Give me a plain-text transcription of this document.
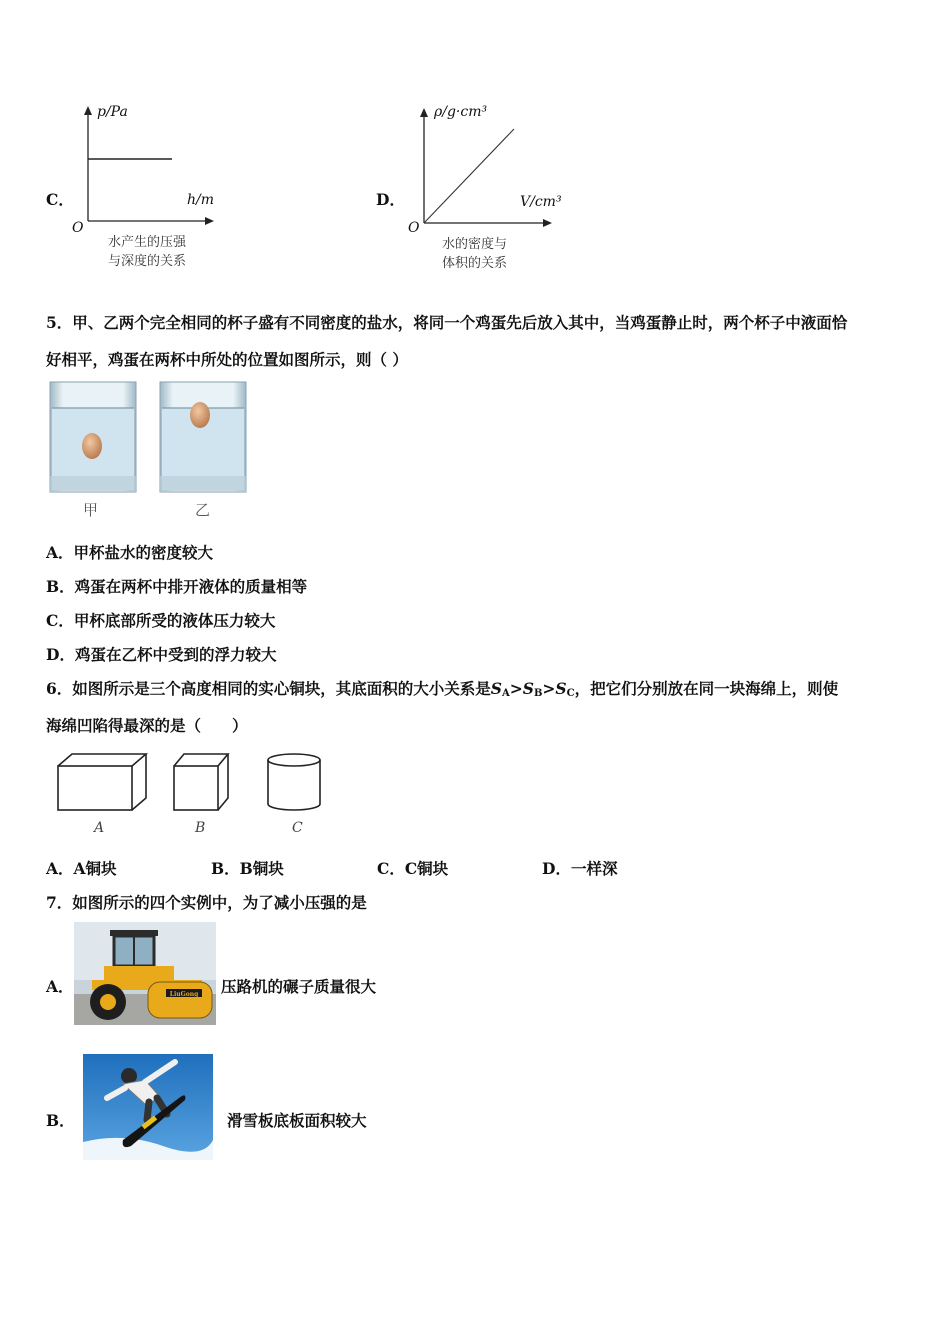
C．
p/Pa
h/m
O
水产生的压强
与深度的关系
D．
ρ/g·cm³
V/cm³
O
水的密度与
体积的关系
5．甲、乙两个完全相同的杯子盛有不同密度的盐水，将同一个鸡蛋先后放入其中，当鸡蛋静止时，两个杯子中液面恰
好相平，鸡蛋在两杯中所处的位置如图所示，则（ ）
甲	乙
A．甲杯盐水的密度较大
B．鸡蛋在两杯中排开液体的质量相等
C．甲杯底部所受的液体压力较大
D．鸡蛋在乙杯中受到的浮力较大
6．如图所示是三个高度相同的实心铜块，其底面积的大小关系是$S_A>S_B>S_C$，把它们分别放在同一块海绵上，则使
海绵凹陷得最深的是（　　）
A	B	C
A．A铜块	B．B铜块	C．C铜块	D．一样深
7．如图所示的四个实例中，为了减小压强的是
A．	LiuGong 压路机的碾子质量很大
B．	滑雪板底板面积较大
